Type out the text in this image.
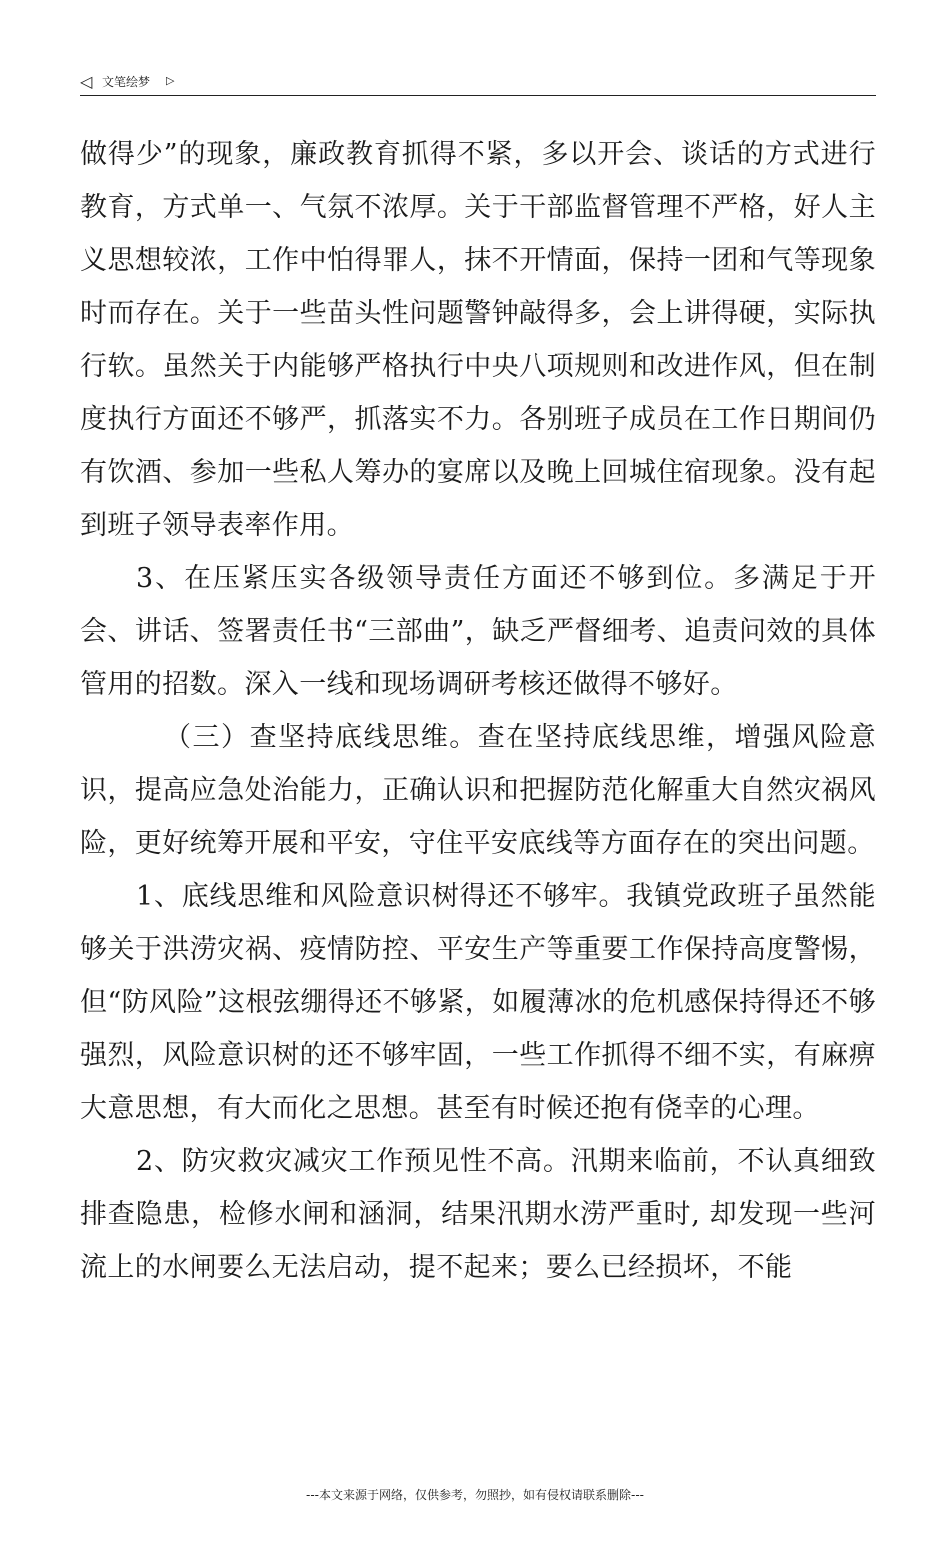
◁ 文笔绘梦 ▷

做得少”的现象，廉政教育抓得不紧，多以开会、谈话的方式进行教育，方式单一、气氛不浓厚。关于干部监督管理不严格，好人主义思想较浓，工作中怕得罪人，抹不开情面，保持一团和气等现象时而存在。关于一些苗头性问题警钟敲得多，会上讲得硬，实际执行软。虽然关于内能够严格执行中央八项规则和改进作风，但在制度执行方面还不够严，抓落实不力。各别班子成员在工作日期间仍有饮酒、参加一些私人筹办的宴席以及晚上回城住宿现象。没有起到班子领导表率作用。

3、在压紧压实各级领导责任方面还不够到位。多满足于开会、讲话、签署责任书“三部曲”，缺乏严督细考、追责问效的具体管用的招数。深入一线和现场调研考核还做得不够好。

（三）查坚持底线思维。查在坚持底线思维，增强风险意识，提高应急处治能力，正确认识和把握防范化解重大自然灾祸风险，更好统筹开展和平安，守住平安底线等方面存在的突出问题。

1、底线思维和风险意识树得还不够牢。我镇党政班子虽然能够关于洪涝灾祸、疫情防控、平安生产等重要工作保持高度警惕，但“防风险”这根弦绷得还不够紧，如履薄冰的危机感保持得还不够强烈，风险意识树的还不够牢固，一些工作抓得不细不实，有麻痹大意思想，有大而化之思想。甚至有时候还抱有侥幸的心理。

2、防灾救灾减灾工作预见性不高。汛期来临前，不认真细致排查隐患，检修水闸和涵洞，结果汛期水涝严重时, 却发现一些河流上的水闸要么无法启动，提不起来；要么已经损坏，不能

---本文来源于网络，仅供参考，勿照抄，如有侵权请联系删除---
